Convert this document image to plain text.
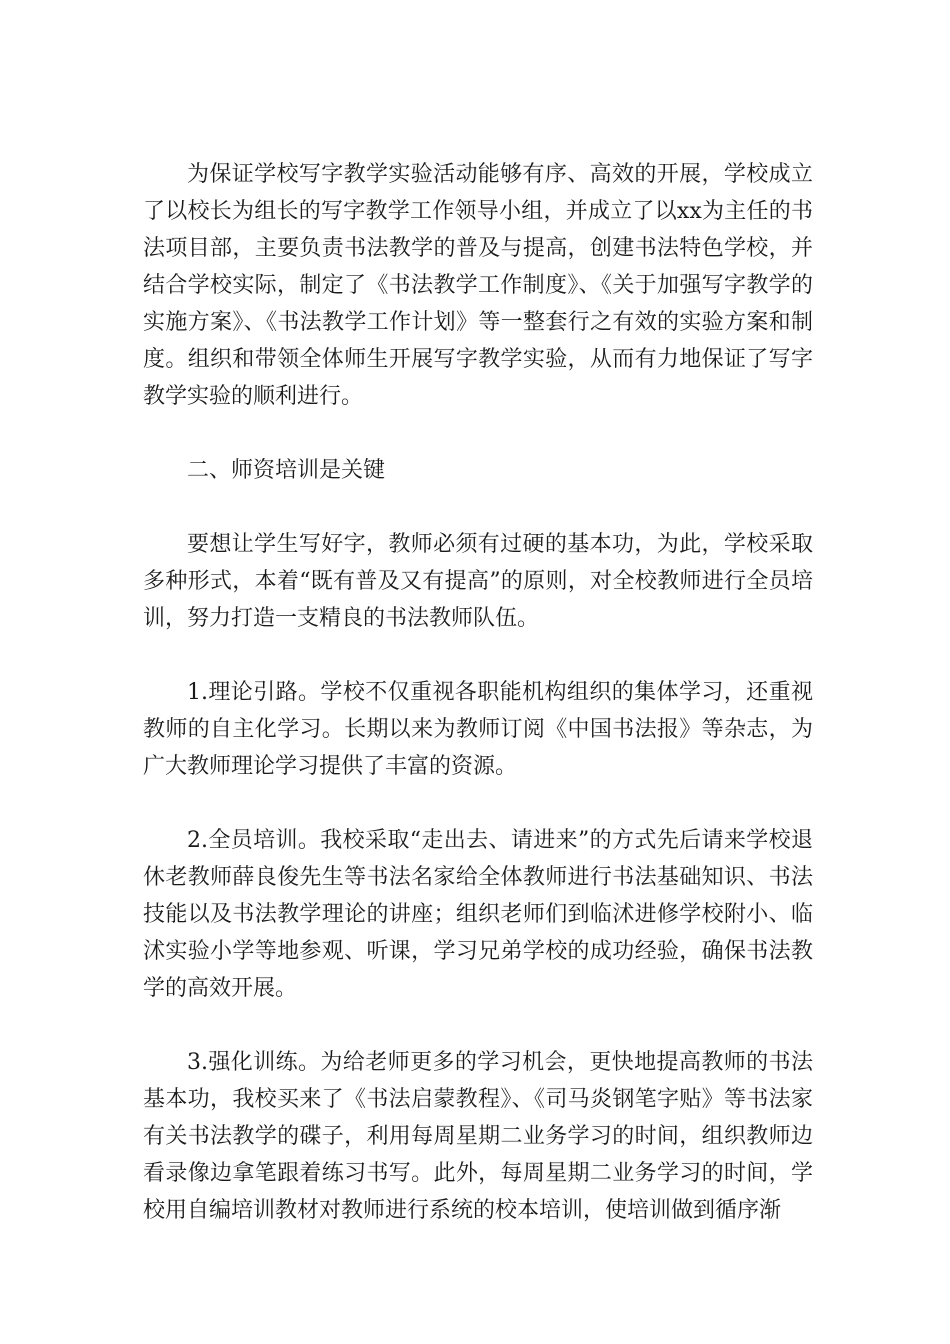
为保证学校写字教学实验活动能够有序、高效的开展，学校成立了以校长为组长的写字教学工作领导小组，并成立了以xx为主任的书法项目部，主要负责书法教学的普及与提高，创建书法特色学校，并结合学校实际，制定了《书法教学工作制度》、《关于加强写字教学的实施方案》、《书法教学工作计划》等一整套行之有效的实验方案和制度。组织和带领全体师生开展写字教学实验，从而有力地保证了写字教学实验的顺利进行。

二、师资培训是关键

要想让学生写好字，教师必须有过硬的基本功，为此，学校采取多种形式，本着“既有普及又有提高”的原则，对全校教师进行全员培训，努力打造一支精良的书法教师队伍。

1.理论引路。学校不仅重视各职能机构组织的集体学习，还重视教师的自主化学习。长期以来为教师订阅《中国书法报》等杂志，为广大教师理论学习提供了丰富的资源。

2.全员培训。我校采取“走出去、请进来”的方式先后请来学校退休老教师薛良俊先生等书法名家给全体教师进行书法基础知识、书法技能以及书法教学理论的讲座；组织老师们到临沭进修学校附小、临沭实验小学等地参观、听课，学习兄弟学校的成功经验，确保书法教学的高效开展。

3.强化训练。为给老师更多的学习机会，更快地提高教师的书法基本功，我校买来了《书法启蒙教程》、《司马炎钢笔字贴》等书法家有关书法教学的碟子，利用每周星期二业务学习的时间，组织教师边看录像边拿笔跟着练习书写。此外，每周星期二业务学习的时间，学校用自编培训教材对教师进行系统的校本培训，使培训做到循序渐
